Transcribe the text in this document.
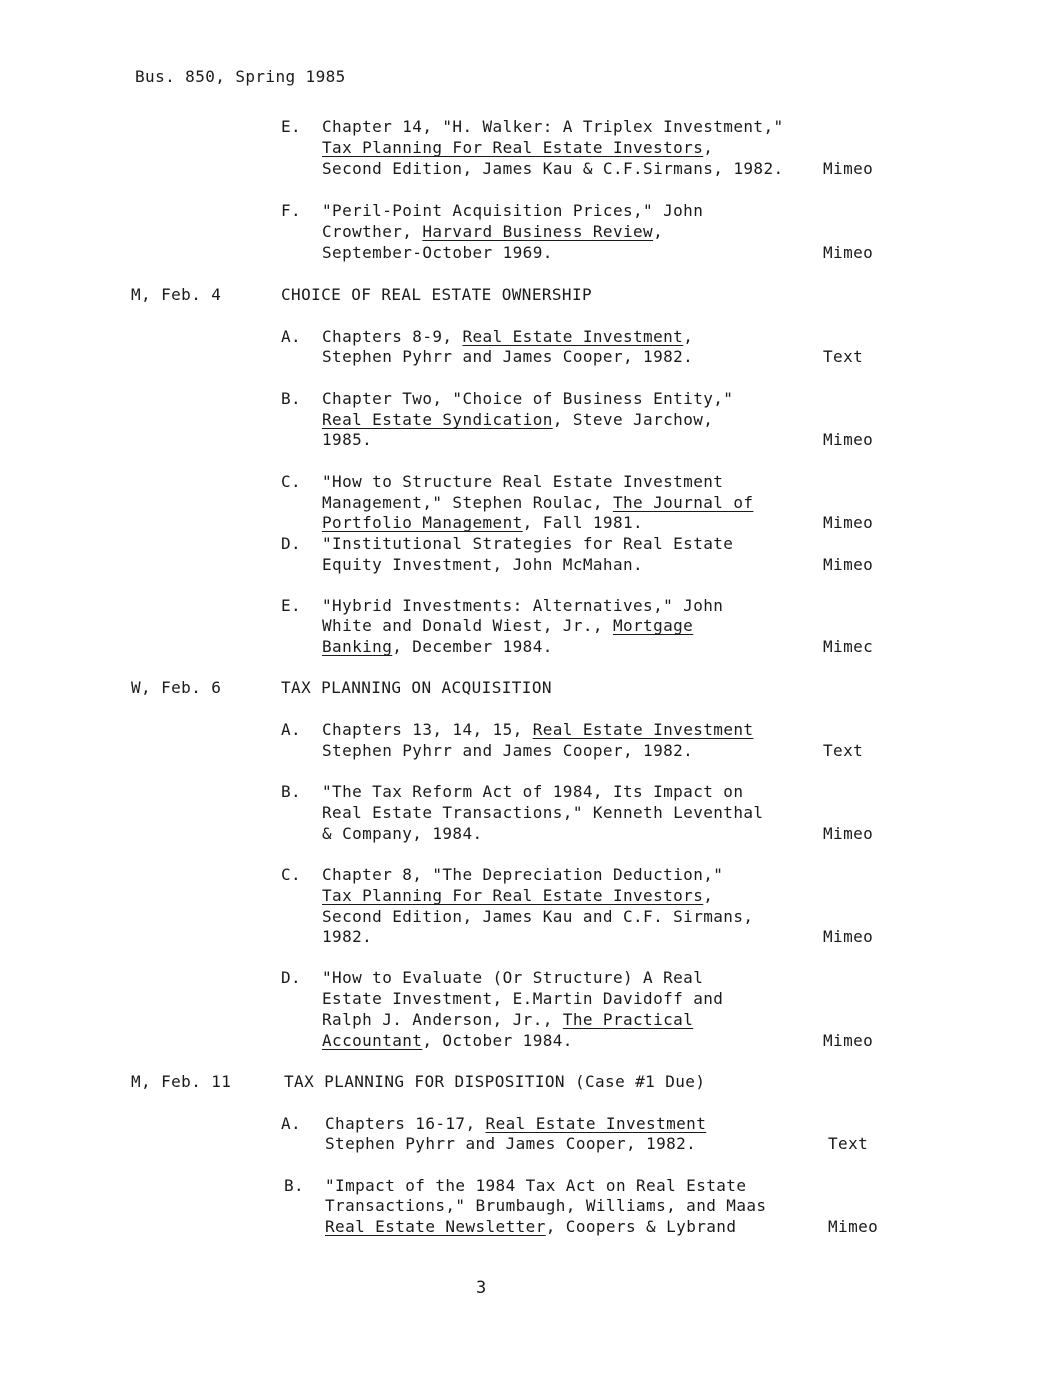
Bus. 850, Spring 1985
E. Chapter 14, "H. Walker: A Triplex Investment,"
Tax Planning For Real Estate Investors,
Second Edition, James Kau & C.F.Sirmans, 1982. Mimeo
F. "Peril-Point Acquisition Prices," John
Crowther, Harvard Business Review,
September-October 1969.	Mimeo
M, Feb. 4	CHOICE OF REAL ESTATE OWNERSHIP
A. Chapters 8-9, Real Estate Investment,
Stephen Pyhrr and James Cooper, 1982.	Text
B. Chapter Two, "Choice of Business Entity,"
Real Estate Syndication, Steve Jarchow,
1985.	Mimeo
C. "How to Structure Real Estate Investment
Management," Stephen Roulac, The Journal of
Portfolio Management, Fall 1981.	Mimeo
D. "Institutional Strategies for Real Estate
Equity Investment, John McMahan.	Mimeo
E. "Hybrid Investments: Alternatives," John
White and Donald Wiest, Jr., Mortgage
Banking, December 1984.	Mimec
W, Feb. 6	TAX PLANNING ON ACQUISITION
A. Chapters 13, 14, 15, Real Estate Investment
Stephen Pyhrr and James Cooper, 1982.	Text
B. "The Tax Reform Act of 1984, Its Impact on
Real Estate Transactions," Kenneth Leventhal
& Company, 1984.	Mimeo
C. Chapter 8, "The Depreciation Deduction,"
Tax Planning For Real Estate Investors,
Second Edition, James Kau and C.F. Sirmans,
1982.	Mimeo
D. "How to Evaluate (Or Structure) A Real
Estate Investment, E.Martin Davidoff and
Ralph J. Anderson, Jr., The Practical
Accountant, October 1984.	Mimeo
M, Feb. 11	TAX PLANNING FOR DISPOSITION (Case #1 Due)
A. Chapters 16-17, Real Estate Investment
Stephen Pyhrr and James Cooper, 1982.	Text
B. "Impact of the 1984 Tax Act on Real Estate
Transactions," Brumbaugh, Williams, and Maas
Real Estate Newsletter, Coopers & Lybrand	Mimeo
3
